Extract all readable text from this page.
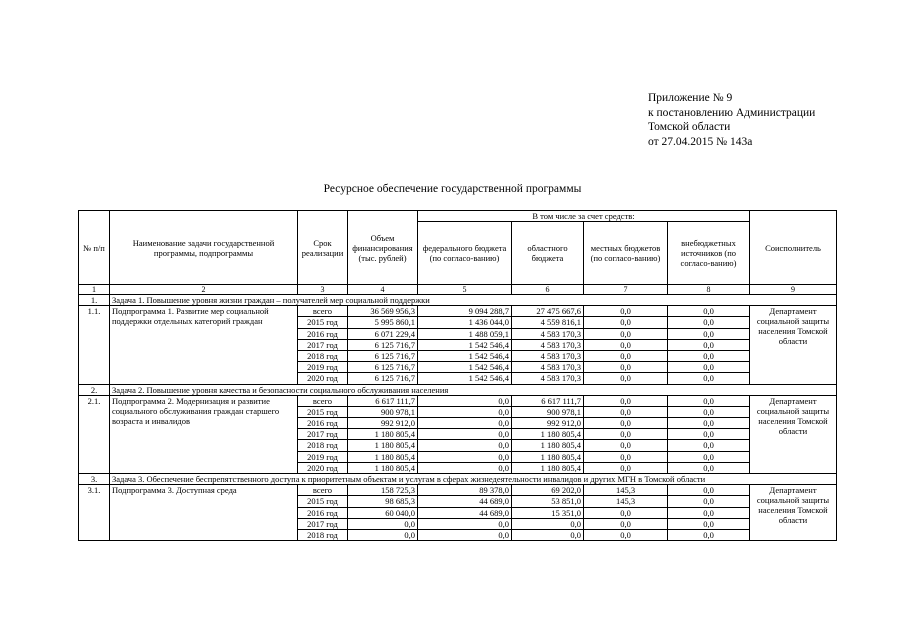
Приложение № 9
к постановлению Администрации
Томской области
от 27.04.2015 № 143а
Ресурсное обеспечение государственной программы
№ п/п	Наименование задачи государственной программы, подпрограммы	Срок реализации	Объем финансирования (тыс. рублей)	В том числе за счет средств:				Соисполнитель
				федерального бюджета (по согласо-ванию)	областного бюджета	местных бюджетов (по согласо-ванию)	внебюджетных источников (по согласо-ванию)	
1	2	3	4	5	6	7	8	9
1.	Задача 1. Повышение уровня жизни граждан – получателей мер социальной поддержки							
1.1.	Подпрограмма 1. Развитие мер социальной поддержки отдельных категорий граждан	всего	36 569 956,3	9 094 288,7	27 475 667,6	0,0	0,0	Департамент социальной защиты населения Томской области
		2015 год	5 995 860,1	1 436 044,0	4 559 816,1	0,0	0,0	
		2016 год	6 071 229,4	1 488 059,1	4 583 170,3	0,0	0,0	
		2017 год	6 125 716,7	1 542 546,4	4 583 170,3	0,0	0,0	
		2018 год	6 125 716,7	1 542 546,4	4 583 170,3	0,0	0,0	
		2019 год	6 125 716,7	1 542 546,4	4 583 170,3	0,0	0,0	
		2020 год	6 125 716,7	1 542 546,4	4 583 170,3	0,0	0,0	
2.	Задача 2. Повышение уровня качества и безопасности социального обслуживания населения							
2.1.	Подпрограмма 2. Модернизация и развитие социального обслуживания граждан старшего возраста и инвалидов	всего	6 617 111,7	0,0	6 617 111,7	0,0	0,0	Департамент социальной защиты населения Томской области
		2015 год	900 978,1	0,0	900 978,1	0,0	0,0	
		2016 год	992 912,0	0,0	992 912,0	0,0	0,0	
		2017 год	1 180 805,4	0,0	1 180 805,4	0,0	0,0	
		2018 год	1 180 805,4	0,0	1 180 805,4	0,0	0,0	
		2019 год	1 180 805,4	0,0	1 180 805,4	0,0	0,0	
		2020 год	1 180 805,4	0,0	1 180 805,4	0,0	0,0	
3.	Задача 3. Обеспечение беспрепятственного доступа к приоритетным объектам и услугам в сферах жизнедеятельности инвалидов и других МГН в Томской области							
3.1.	Подпрограмма 3. Доступная среда	всего	158 725,3	89 378,0	69 202,0	145,3	0,0	Департамент социальной защиты населения Томской области
		2015 год	98 685,3	44 689,0	53 851,0	145,3	0,0	
		2016 год	60 040,0	44 689,0	15 351,0	0,0	0,0	
		2017 год	0,0	0,0	0,0	0,0	0,0	
		2018 год	0,0	0,0	0,0	0,0	0,0	
